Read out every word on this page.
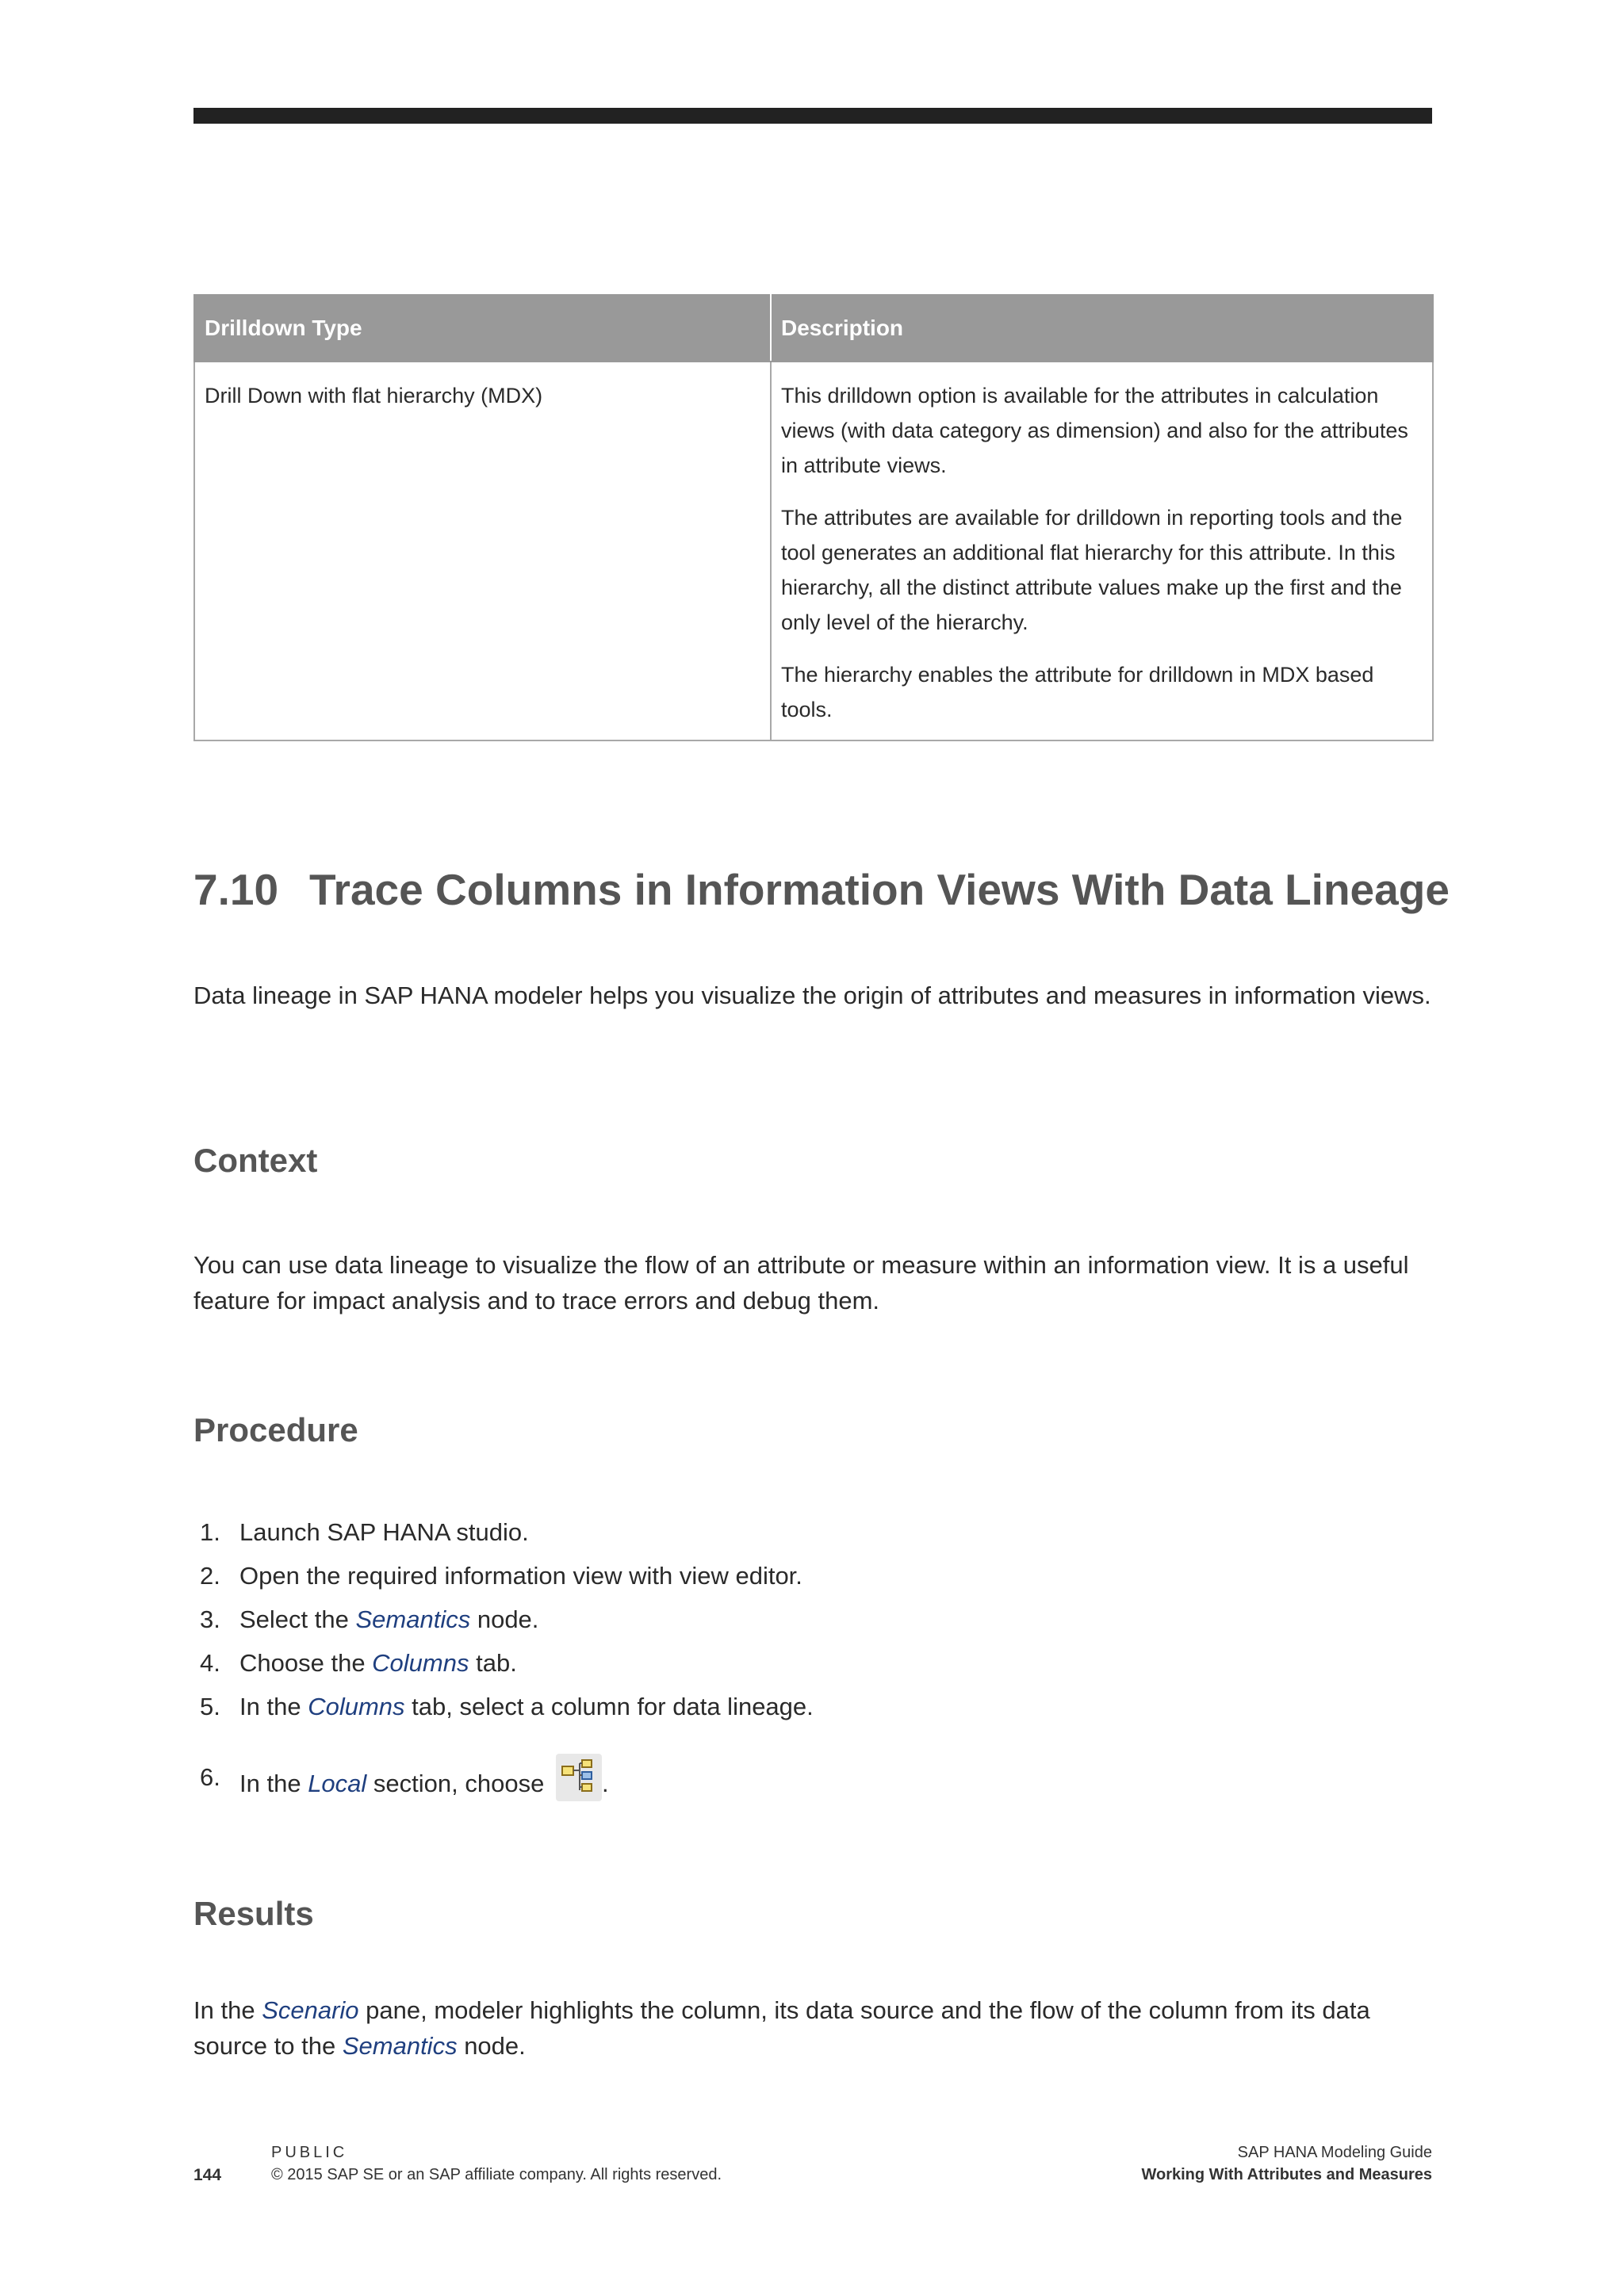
Drilldown Type	Description
Drill Down with flat hierarchy (MDX)	This drilldown option is available for the attributes in calculation views (with data category as dimension) and also for the attributes in attribute views.

The attributes are available for drilldown in reporting tools and the tool generates an additional flat hierarchy for this attribute. In this hierarchy, all the distinct attribute values make up the first and the only level of the hierarchy.

The hierarchy enables the attribute for drilldown in MDX based tools.

7.10 Trace Columns in Information Views With Data Lineage

Data lineage in SAP HANA modeler helps you visualize the origin of attributes and measures in information views.

Context

You can use data lineage to visualize the flow of an attribute or measure within an information view. It is a useful feature for impact analysis and to trace errors and debug them.

Procedure
1. Launch SAP HANA studio.
2. Open the required information view with view editor.
3. Select the Semantics node.
4. Choose the Columns tab.
5. In the Columns tab, select a column for data lineage.
6. In the Local section, choose
.
Results

In the Scenario pane, modeler highlights the column, its data source and the flow of the column from its data source to the Semantics node.

144
PUBLIC
© 2015 SAP SE or an SAP affiliate company. All rights reserved.
SAP HANA Modeling Guide
Working With Attributes and Measures
